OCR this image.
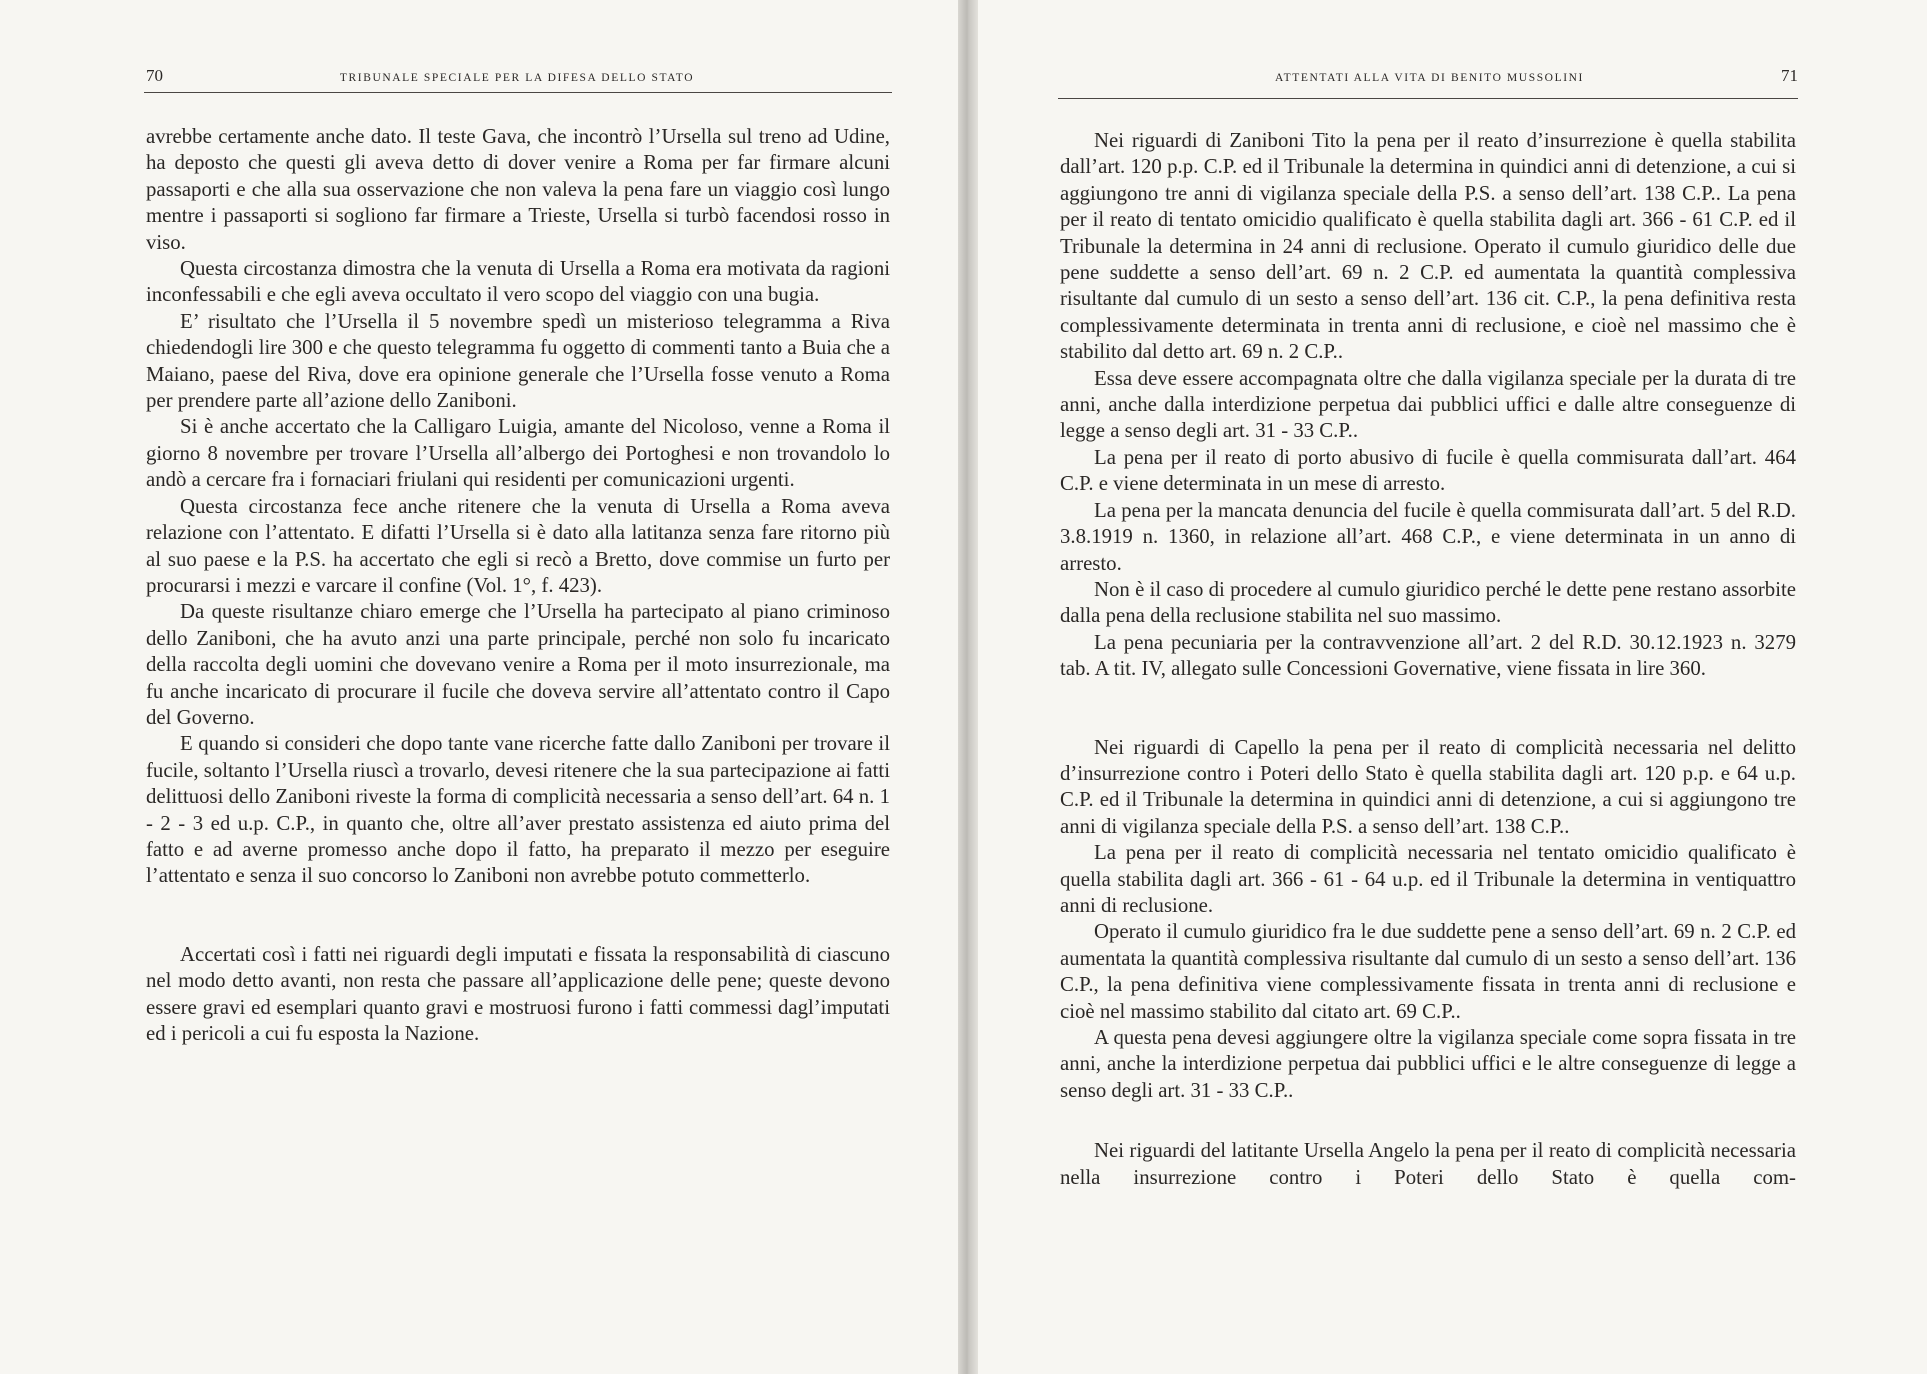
70	TRIBUNALE SPECIALE PER LA DIFESA DELLO STATO

avrebbe certamente anche dato. Il teste Gava, che incontrò l’Ursella sul treno ad Udine, ha deposto che questi gli aveva detto di dover venire a Roma per far firmare alcuni passaporti e che alla sua osservazione che non valeva la pena fare un viaggio così lungo mentre i passaporti si sogliono far firmare a Trieste, Ursella si turbò facendosi rosso in viso.

Questa circostanza dimostra che la venuta di Ursella a Roma era motivata da ragioni inconfessabili e che egli aveva occultato il vero scopo del viaggio con una bugia.

E’ risultato che l’Ursella il 5 novembre spedì un misterioso telegramma a Riva chiedendogli lire 300 e che questo telegramma fu oggetto di commenti tanto a Buia che a Maiano, paese del Riva, dove era opinione generale che l’Ursella fosse venuto a Roma per prendere parte all’azione dello Zaniboni.

Si è anche accertato che la Calligaro Luigia, amante del Nicoloso, venne a Roma il giorno 8 novembre per trovare l’Ursella all’albergo dei Portoghesi e non trovandolo lo andò a cercare fra i fornaciari friulani qui residenti per comunicazioni urgenti.

Questa circostanza fece anche ritenere che la venuta di Ursella a Roma aveva relazione con l’attentato. E difatti l’Ursella si è dato alla latitanza senza fare ritorno più al suo paese e la P.S. ha accertato che egli si recò a Bretto, dove commise un furto per procurarsi i mezzi e varcare il confine (Vol. 1°, f. 423).

Da queste risultanze chiaro emerge che l’Ursella ha partecipato al piano criminoso dello Zaniboni, che ha avuto anzi una parte principale, perché non solo fu incaricato della raccolta degli uomini che dovevano venire a Roma per il moto insurrezionale, ma fu anche incaricato di procurare il fucile che doveva servire all’attentato contro il Capo del Governo.

E quando si consideri che dopo tante vane ricerche fatte dallo Zaniboni per trovare il fucile, soltanto l’Ursella riuscì a trovarlo, devesi ritenere che la sua partecipazione ai fatti delittuosi dello Zaniboni riveste la forma di complicità necessaria a senso dell’art. 64 n. 1 - 2 - 3 ed u.p. C.P., in quanto che, oltre all’aver prestato assistenza ed aiuto prima del fatto e ad averne promesso anche dopo il fatto, ha preparato il mezzo per eseguire l’attentato e senza il suo concorso lo Zaniboni non avrebbe potuto commetterlo.

Accertati così i fatti nei riguardi degli imputati e fissata la responsabilità di ciascuno nel modo detto avanti, non resta che passare all’applicazione delle pene; queste devono essere gravi ed esemplari quanto gravi e mostruosi furono i fatti commessi dagl’imputati ed i pericoli a cui fu esposta la Nazione.

ATTENTATI ALLA VITA DI BENITO MUSSOLINI	71

Nei riguardi di Zaniboni Tito la pena per il reato d’insurrezione è quella stabilita dall’art. 120 p.p. C.P. ed il Tribunale la determina in quindici anni di detenzione, a cui si aggiungono tre anni di vigilanza speciale della P.S. a senso dell’art. 138 C.P.. La pena per il reato di tentato omicidio qualificato è quella stabilita dagli art. 366 - 61 C.P. ed il Tribunale la determina in 24 anni di reclusione. Operato il cumulo giuridico delle due pene suddette a senso dell’art. 69 n. 2 C.P. ed aumentata la quantità complessiva risultante dal cumulo di un sesto a senso dell’art. 136 cit. C.P., la pena definitiva resta complessivamente determinata in trenta anni di reclusione, e cioè nel massimo che è stabilito dal detto art. 69 n. 2 C.P..

Essa deve essere accompagnata oltre che dalla vigilanza speciale per la durata di tre anni, anche dalla interdizione perpetua dai pubblici uffici e dalle altre conseguenze di legge a senso degli art. 31 - 33 C.P..

La pena per il reato di porto abusivo di fucile è quella commisurata dall’art. 464 C.P. e viene determinata in un mese di arresto.

La pena per la mancata denuncia del fucile è quella commisurata dall’art. 5 del R.D. 3.8.1919 n. 1360, in relazione all’art. 468 C.P., e viene determinata in un anno di arresto.

Non è il caso di procedere al cumulo giuridico perché le dette pene restano assorbite dalla pena della reclusione stabilita nel suo massimo.

La pena pecuniaria per la contravvenzione all’art. 2 del R.D. 30.12.1923 n. 3279 tab. A tit. IV, allegato sulle Concessioni Governative, viene fissata in lire 360.

Nei riguardi di Capello la pena per il reato di complicità necessaria nel delitto d’insurrezione contro i Poteri dello Stato è quella stabilita dagli art. 120 p.p. e 64 u.p. C.P. ed il Tribunale la determina in quindici anni di detenzione, a cui si aggiungono tre anni di vigilanza speciale della P.S. a senso dell’art. 138 C.P..

La pena per il reato di complicità necessaria nel tentato omicidio qualificato è quella stabilita dagli art. 366 - 61 - 64 u.p. ed il Tribunale la determina in ventiquattro anni di reclusione.

Operato il cumulo giuridico fra le due suddette pene a senso dell’art. 69 n. 2 C.P. ed aumentata la quantità complessiva risultante dal cumulo di un sesto a senso dell’art. 136 C.P., la pena definitiva viene complessivamente fissata in trenta anni di reclusione e cioè nel massimo stabilito dal citato art. 69 C.P..

A questa pena devesi aggiungere oltre la vigilanza speciale come sopra fissata in tre anni, anche la interdizione perpetua dai pubblici uffici e le altre conseguenze di legge a senso degli art. 31 - 33 C.P..

Nei riguardi del latitante Ursella Angelo la pena per il reato di complicità necessaria nella insurrezione contro i Poteri dello Stato è quella com-
